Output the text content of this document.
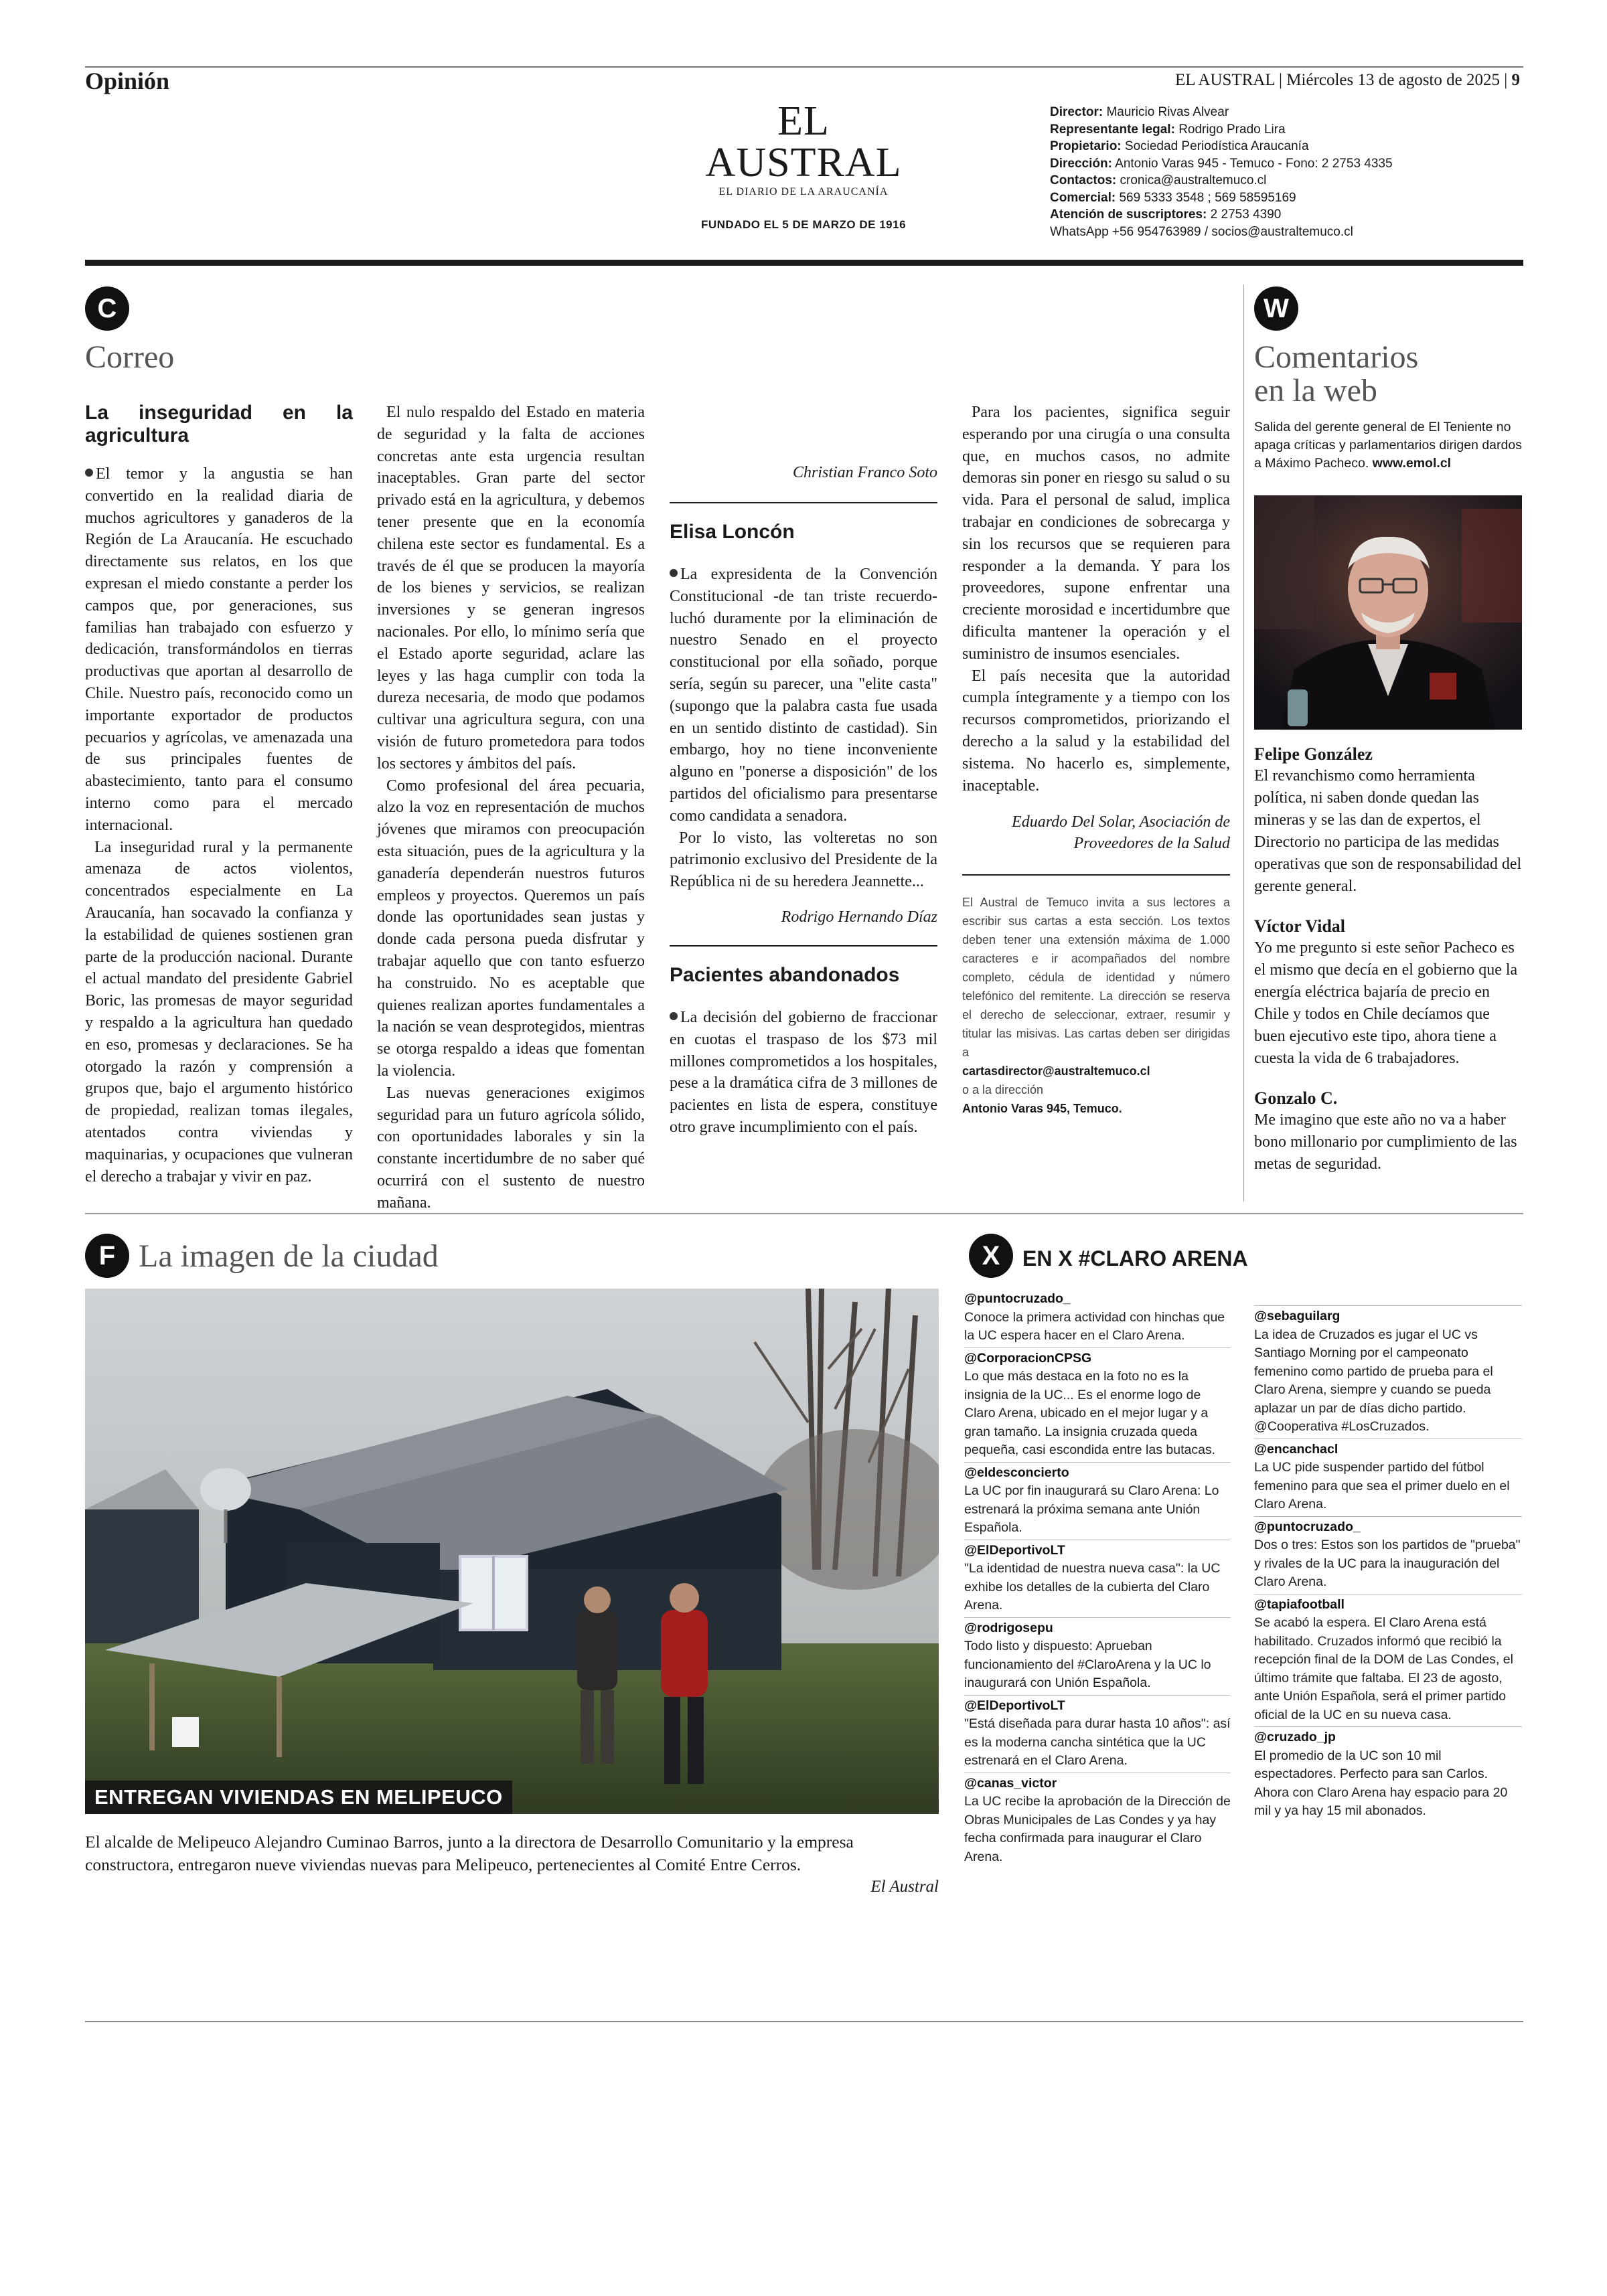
Opinión
EL AUSTRAL
EL DIARIO DE LA ARAUCANÍA
FUNDADO EL 5 DE MARZO DE 1916
EL AUSTRAL | Miércoles 13 de agosto de 2025 | 9
Director: Mauricio Rivas Alvear
Representante legal: Rodrigo Prado Lira
Propietario: Sociedad Periodística Araucanía
Dirección: Antonio Varas 945 - Temuco - Fono: 2 2753 4335
Contactos: cronica@australtemuco.cl
Comercial: 569 5333 3548 ; 569 58595169
Atención de suscriptores: 2 2753 4390
WhatsApp +56 954763989 / socios@australtemuco.cl
C
Correo
La inseguridad en la agricultura

El temor y la angustia se han convertido en la realidad diaria de muchos agricultores y ganaderos de la Región de La Araucanía. He escuchado directamente sus relatos, en los que expresan el miedo constante a perder los campos que, por generaciones, sus familias han trabajado con esfuerzo y dedicación, transformándolos en tierras productivas que aportan al desarrollo de Chile. Nuestro país, reconocido como un importante exportador de productos pecuarios y agrícolas, ve amenazada una de sus principales fuentes de abastecimiento, tanto para el consumo interno como para el mercado internacional.

La inseguridad rural y la permanente amenaza de actos violentos, concentrados especialmente en La Araucanía, han socavado la confianza y la estabilidad de quienes sostienen gran parte de la producción nacional. Durante el actual mandato del presidente Gabriel Boric, las promesas de mayor seguridad y respaldo a la agricultura han quedado en eso, promesas y declaraciones. Se ha otorgado la razón y comprensión a grupos que, bajo el argumento histórico de propiedad, realizan tomas ilegales, atentados contra viviendas y maquinarias, y ocupaciones que vulneran el derecho a trabajar y vivir en paz.

El nulo respaldo del Estado en materia de seguridad y la falta de acciones concretas ante esta urgencia resultan inaceptables. Gran parte del sector privado está en la agricultura, y debemos tener presente que en la economía chilena este sector es fundamental. Es a través de él que se producen la mayoría de los bienes y servicios, se realizan inversiones y se generan ingresos nacionales. Por ello, lo mínimo sería que el Estado aporte seguridad, aclare las leyes y las haga cumplir con toda la dureza necesaria, de modo que podamos cultivar una agricultura segura, con una visión de futuro prometedora para todos los sectores y ámbitos del país.

Como profesional del área pecuaria, alzo la voz en representación de muchos jóvenes que miramos con preocupación esta situación, pues de la agricultura y la ganadería dependerán nuestros futuros empleos y proyectos. Queremos un país donde las oportunidades sean justas y donde cada persona pueda disfrutar y trabajar aquello que con tanto esfuerzo ha construido. No es aceptable que quienes realizan aportes fundamentales a la nación se vean desprotegidos, mientras se otorga respaldo a ideas que fomentan la violencia.

Las nuevas generaciones exigimos seguridad para un futuro agrícola sólido, con oportunidades laborales y sin la constante incertidumbre de no saber qué ocurrirá con el sustento de nuestro mañana.

Christian Franco Soto
Elisa Loncón

La expresidenta de la Convención Constitucional -de tan triste recuerdo- luchó duramente por la eliminación de nuestro Senado en el proyecto constitucional por ella soñado, porque sería, según su parecer, una "elite casta" (supongo que la palabra casta fue usada en un sentido distinto de castidad). Sin embargo, hoy no tiene inconveniente alguno en "ponerse a disposición" de los partidos del oficialismo para presentarse como candidata a senadora.

Por lo visto, las volteretas no son patrimonio exclusivo del Presidente de la República ni de su heredera Jeannette...

Rodrigo Hernando Díaz
Pacientes abandonados

La decisión del gobierno de fraccionar en cuotas el traspaso de los $73 mil millones comprometidos a los hospitales, pese a la dramática cifra de 3 millones de pacientes en lista de espera, constituye otro grave incumplimiento con el país.

Para los pacientes, significa seguir esperando por una cirugía o una consulta que, en muchos casos, no admite demoras sin poner en riesgo su salud o su vida. Para el personal de salud, implica trabajar en condiciones de sobrecarga y sin los recursos que se requieren para responder a la demanda. Y para los proveedores, supone enfrentar una creciente morosidad e incertidumbre que dificulta mantener la operación y el suministro de insumos esenciales.

El país necesita que la autoridad cumpla íntegramente y a tiempo con los recursos comprometidos, priorizando el derecho a la salud y la estabilidad del sistema. No hacerlo es, simplemente, inaceptable.

Eduardo Del Solar, Asociación de Proveedores de la Salud
El Austral de Temuco invita a sus lectores a escribir sus cartas a esta sección. Los textos deben tener una extensión máxima de 1.000 caracteres e ir acompañados del nombre completo, cédula de identidad y número telefónico del remitente. La dirección se reserva el derecho de seleccionar, extraer, resumir y titular las misivas. Las cartas deben ser dirigidas a
cartasdirector@australtemuco.cl
o a la dirección
Antonio Varas 945, Temuco.
W
Comentarios
en la web
Salida del gerente general de El Teniente no apaga críticas y parlamentarios dirigen dardos a Máximo Pacheco. www.emol.cl
Felipe González
El revanchismo como herramienta política, ni saben donde quedan las mineras y se las dan de expertos, el Directorio no participa de las medidas operativas que son de responsabilidad del gerente general.
Víctor Vidal
Yo me pregunto si este señor Pacheco es el mismo que decía en el gobierno que la energía eléctrica bajaría de precio en Chile y todos en Chile decíamos que buen ejecutivo este tipo, ahora tiene a cuesta la vida de 6 trabajadores.
Gonzalo C.
Me imagino que este año no va a haber bono millonario por cumplimiento de las metas de seguridad.
F La imagen de la ciudad
ENTREGAN VIVIENDAS EN MELIPEUCO
El alcalde de Melipeuco Alejandro Cuminao Barros, junto a la directora de Desarrollo Comunitario y la empresa constructora, entregaron nueve viviendas nuevas para Melipeuco, pertenecientes al Comité Entre Cerros.
El Austral
X	EN X #CLARO ARENA
@puntocruzado_
Conoce la primera actividad con hinchas que la UC espera hacer en el Claro Arena.
@CorporacionCPSG
Lo que más destaca en la foto no es la insignia de la UC... Es el enorme logo de Claro Arena, ubicado en el mejor lugar y a gran tamaño. La insignia cruzada queda pequeña, casi escondida entre las butacas.
@eldesconcierto
La UC por fin inaugurará su Claro Arena: Lo estrenará la próxima semana ante Unión Española.
@ElDeportivoLT
"La identidad de nuestra nueva casa": la UC exhibe los detalles de la cubierta del Claro Arena.
@rodrigosepu
Todo listo y dispuesto: Aprueban funcionamiento del #ClaroArena y la UC lo inaugurará con Unión Española.
@ElDeportivoLT
"Está diseñada para durar hasta 10 años": así es la moderna cancha sintética que la UC estrenará en el Claro Arena.
@canas_victor
La UC recibe la aprobación de la Dirección de Obras Municipales de Las Condes y ya hay fecha confirmada para inaugurar el Claro Arena.
@sebaguilarg
La idea de Cruzados es jugar el UC vs Santiago Morning por el campeonato femenino como partido de prueba para el Claro Arena, siempre y cuando se pueda aplazar un par de días dicho partido. @Cooperativa #LosCruzados.
@encanchacl
La UC pide suspender partido del fútbol femenino para que sea el primer duelo en el Claro Arena.
@puntocruzado_
Dos o tres: Estos son los partidos de "prueba" y rivales de la UC para la inauguración del Claro Arena.
@tapiafootball
Se acabó la espera. El Claro Arena está habilitado. Cruzados informó que recibió la recepción final de la DOM de Las Condes, el último trámite que faltaba. El 23 de agosto, ante Unión Española, será el primer partido oficial de la UC en su nueva casa.
@cruzado_jp
El promedio de la UC son 10 mil espectadores. Perfecto para san Carlos. Ahora con Claro Arena hay espacio para 20 mil y ya hay 15 mil abonados.
